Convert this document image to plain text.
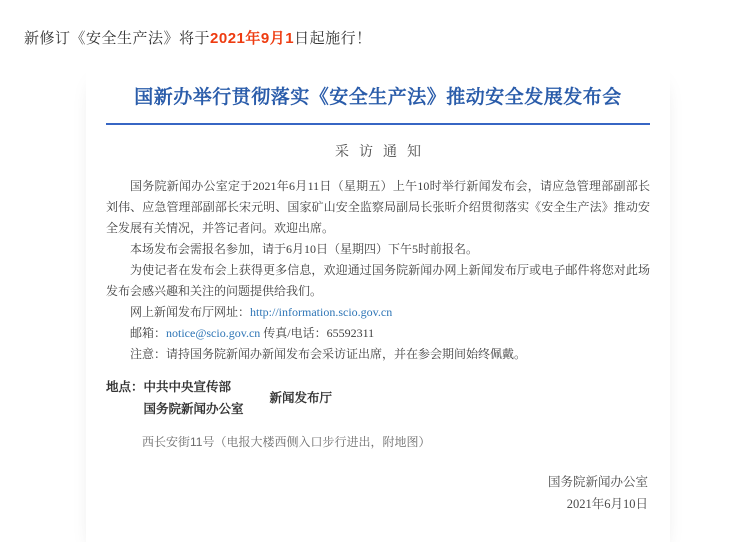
新修订《安全生产法》将于2021年9月1日起施行！
国新办举行贯彻落实《安全生产法》推动安全发展发布会
采访通知

国务院新闻办公室定于2021年6月11日（星期五）上午10时举行新闻发布会，请应急管理部副部长刘伟、应急管理部副部长宋元明、国家矿山安全监察局副局长张昕介绍贯彻落实《安全生产法》推动安全发展有关情况，并答记者问。欢迎出席。

本场发布会需报名参加，请于6月10日（星期四）下午5时前报名。

为使记者在发布会上获得更多信息，欢迎通过国务院新闻办网上新闻发布厅或电子邮件将您对此场发布会感兴趣和关注的问题提供给我们。

网上新闻发布厅网址：http://information.scio.gov.cn

邮箱：notice@scio.gov.cn 传真/电话：65592311

注意：请持国务院新闻办新闻发布会采访证出席，并在参会期间始终佩戴。

地点： 中共中央宣传部
国务院新闻办公室
新闻发布厅
西长安街11号（电报大楼西侧入口步行进出，附地图）
国务院新闻办公室
2021年6月10日
